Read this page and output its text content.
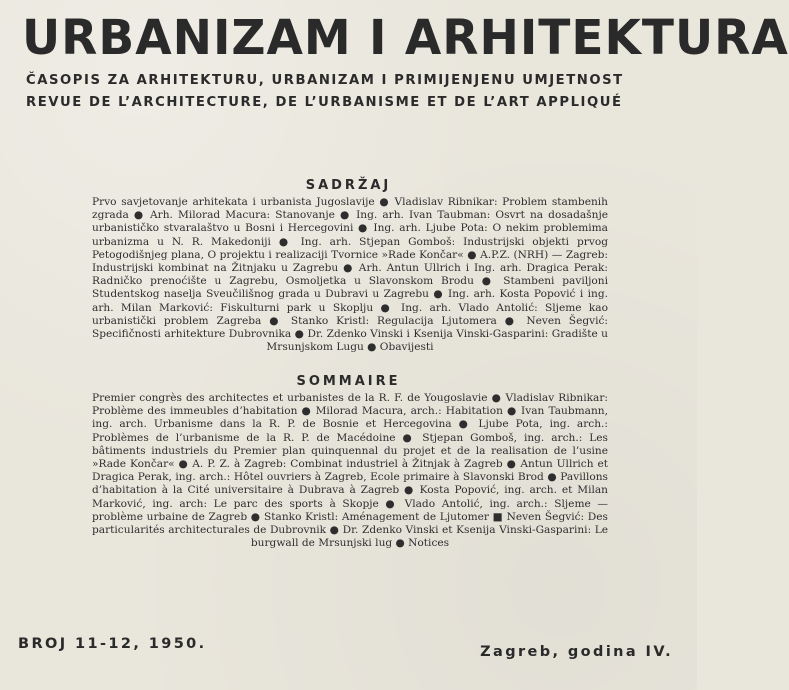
URBANIZAM I ARHITEKTURA
ČASOPIS ZA ARHITEKTURU, URBANIZAM I PRIMIJENJENU UMJETNOST
REVUE DE L’ARCHITECTURE, DE L’URBANISME ET DE L’ART APPLIQUÉ
SADRŽAJ
Prvo savjetovanje arhitekata i urbanista Jugoslavije ● Vladislav Ribnikar: Problem stambenih zgrada ● Arh. Milorad Macura: Stanovanje ● Ing. arh. Ivan Taubman: Osvrt na dosadašnje urbanističko stvaralaštvo u Bosni i Hercegovini ● Ing. arh. Ljube Pota: O nekim problemima urbanizma u N. R. Makedoniji ● Ing. arh. Stjepan Gomboš: Industrijski objekti prvog Petogodišnjeg plana, O projektu i realizaciji Tvornice »Rade Končar« ● A.P.Z. (NRH) — Zagreb: Industrijski kombinat na Žitnjaku u Zagrebu ● Arh. Antun Ullrich i Ing. arh. Dragica Perak: Radničko prenoćište u Zagrebu, Osmoljetka u Slavonskom Brodu ● Stambeni paviljoni Studentskog naselja Sveučilišnog grada u Dubravi u Zagrebu ● Ing. arh. Kosta Popović i ing. arh. Milan Marković: Fiskulturni park u Skoplju ● Ing. arh. Vlado Antolić: Sljeme kao urbanistički problem Zagreba ● Stanko Kristl: Regulacija Ljutomera ● Neven Šegvić: Specifičnosti arhitekture Dubrovnika ● Dr. Zdenko Vinski i Ksenija Vinski-Gasparini: Gradište u Mrsunjskom Lugu ● Obavijesti
SOMMAIRE
Premier congrès des architectes et urbanistes de la R. F. de Yougoslavie ● Vladislav Ribnikar: Problème des immeubles d’habitation ● Milorad Macura, arch.: Habitation ● Ivan Taubmann, ing. arch. Urbanisme dans la R. P. de Bosnie et Hercegovina ● Ljube Pota, ing. arch.: Problèmes de l’urbanisme de la R. P. de Macédoine ● Stjepan Gomboš, ing. arch.: Les bâtiments industriels du Premier plan quinquennal du projet et de la realisation de l’usine »Rade Končar« ● A. P. Z. à Zagreb: Combinat industriel à Žitnjak à Zagreb ● Antun Ullrich et Dragica Perak, ing. arch.: Hôtel ouvriers à Zagreb, Ecole primaire à Slavonski Brod ● Pavillons d’habitation à la Cité universitaire à Dubrava à Zagreb ● Kosta Popović, ing. arch. et Milan Marković, ing. arch: Le parc des sports à Skopje ● Vlado Antolić, ing. arch.: Sljeme — problème urbaine de Zagreb ● Stanko Kristl: Aménagement de Ljutomer ■ Neven Šegvić: Des particularités architecturales de Dubrovnik ● Dr. Zdenko Vinski et Ksenija Vinski-Gasparini: Le burgwall de Mrsunjski lug ● Notices
BROJ 11-12, 1950.	Zagreb, godina IV.
